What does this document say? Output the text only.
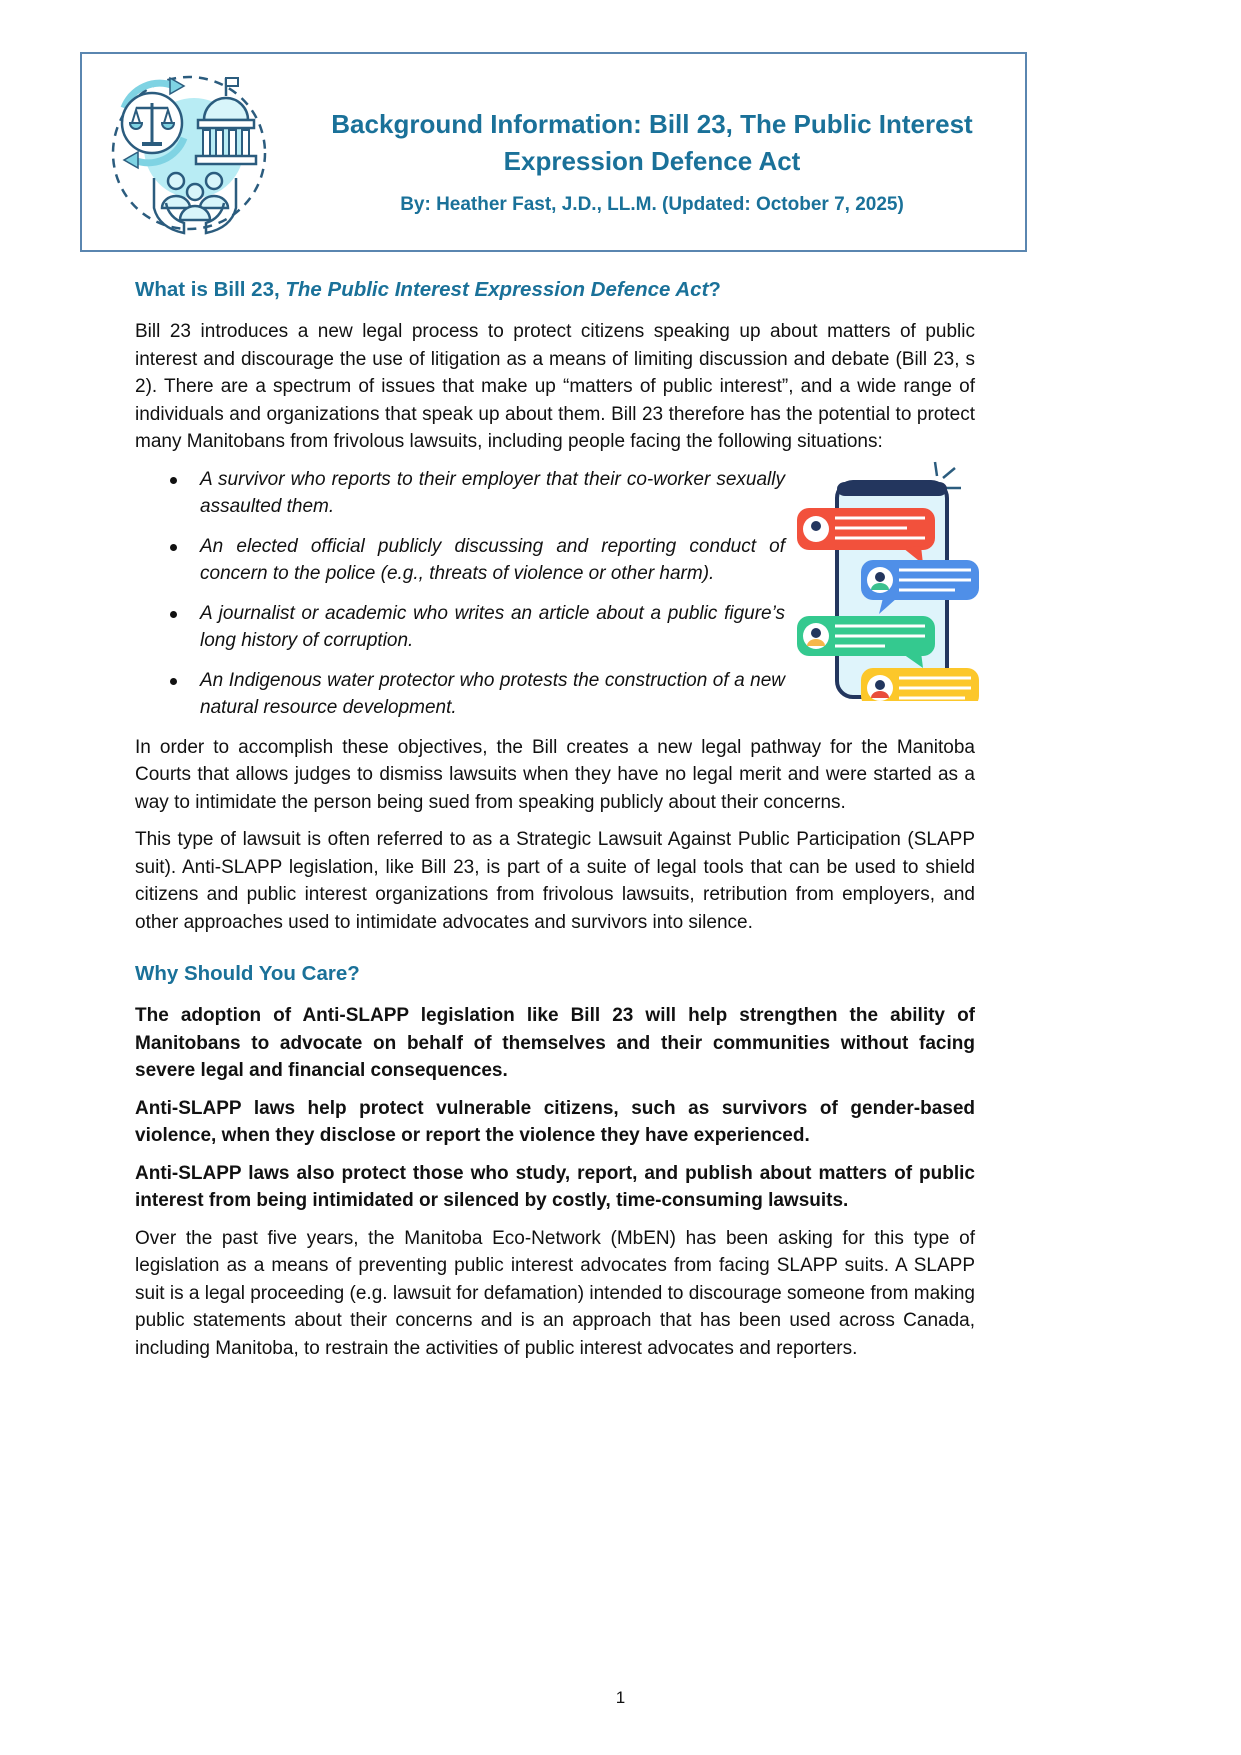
Background Information: Bill 23, The Public Interest
Expression Defence Act
By: Heather Fast, J.D., LL.M. (Updated: October 7, 2025)
What is Bill 23, The Public Interest Expression Defence Act?

Bill 23 introduces a new legal process to protect citizens speaking up about matters of public interest and discourage the use of litigation as a means of limiting discussion and debate (Bill 23, s 2). There are a spectrum of issues that make up “matters of public interest”, and a wide range of individuals and organizations that speak up about them. Bill 23 therefore has the potential to protect many Manitobans from frivolous lawsuits, including people facing the following situations:

A survivor who reports to their employer that their co-worker sexually assaulted them.
An elected official publicly discussing and reporting conduct of concern to the police (e.g., threats of violence or other harm).
A journalist or academic who writes an article about a public figure’s long history of corruption.
An Indigenous water protector who protests the construction of a new natural resource development.

In order to accomplish these objectives, the Bill creates a new legal pathway for the Manitoba Courts that allows judges to dismiss lawsuits when they have no legal merit and were started as a way to intimidate the person being sued from speaking publicly about their concerns.

This type of lawsuit is often referred to as a Strategic Lawsuit Against Public Participation (SLAPP suit). Anti-SLAPP legislation, like Bill 23, is part of a suite of legal tools that can be used to shield citizens and public interest organizations from frivolous lawsuits, retribution from employers, and other approaches used to intimidate advocates and survivors into silence.

Why Should You Care?

The adoption of Anti-SLAPP legislation like Bill 23 will help strengthen the ability of Manitobans to advocate on behalf of themselves and their communities without facing severe legal and financial consequences.

Anti-SLAPP laws help protect vulnerable citizens, such as survivors of gender-based violence, when they disclose or report the violence they have experienced.

Anti-SLAPP laws also protect those who study, report, and publish about matters of public interest from being intimidated or silenced by costly, time-consuming lawsuits.

Over the past five years, the Manitoba Eco-Network (MbEN) has been asking for this type of legislation as a means of preventing public interest advocates from facing SLAPP suits. A SLAPP suit is a legal proceeding (e.g. lawsuit for defamation) intended to discourage someone from making public statements about their concerns and is an approach that has been used across Canada, including Manitoba, to restrain the activities of public interest advocates and reporters.

1
